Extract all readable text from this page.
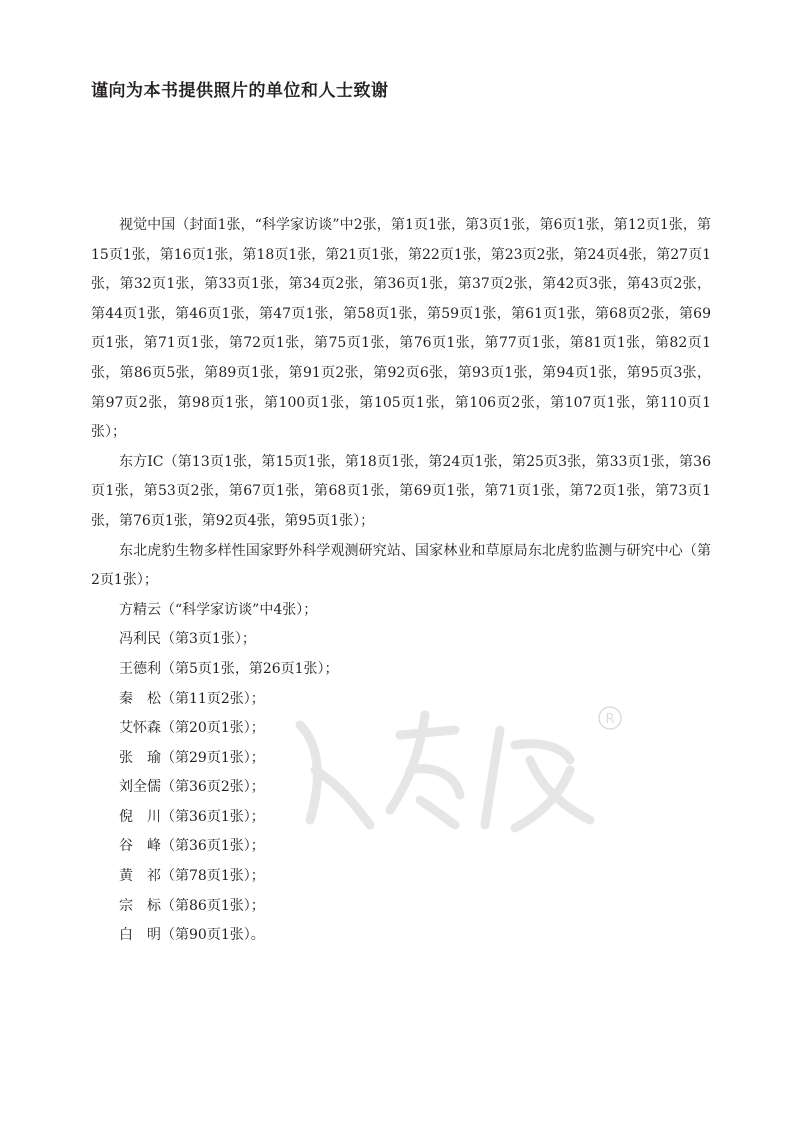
谨向为本书提供照片的单位和人士致谢

视觉中国（封面1张，“科学家访谈”中2张，第1页1张，第3页1张，第6页1张，第12页1张，第15页1张，第16页1张，第18页1张，第21页1张，第22页1张，第23页2张，第24页4张，第27页1张，第32页1张，第33页1张，第34页2张，第36页1张，第37页2张，第42页3张，第43页2张，第44页1张，第46页1张，第47页1张，第58页1张，第59页1张，第61页1张，第68页2张，第69页1张，第71页1张，第72页1张，第75页1张，第76页1张，第77页1张，第81页1张，第82页1张，第86页5张，第89页1张，第91页2张，第92页6张，第93页1张，第94页1张，第95页3张，第97页2张，第98页1张，第100页1张，第105页1张，第106页2张，第107页1张，第110页1张）；

东方IC（第13页1张，第15页1张，第18页1张，第24页1张，第25页3张，第33页1张，第36页1张，第53页2张，第67页1张，第68页1张，第69页1张，第71页1张，第72页1张，第73页1张，第76页1张，第92页4张，第95页1张）；

东北虎豹生物多样性国家野外科学观测研究站、国家林业和草原局东北虎豹监测与研究中心（第2页1张）；

方精云（“科学家访谈”中4张）；

冯利民（第3页1张）；

王德利（第5页1张，第26页1张）；

秦　松（第11页2张）；

艾怀森（第20页1张）；

张　瑜（第29页1张）；

刘全儒（第36页2张）；

倪　川（第36页1张）；

谷　峰（第36页1张）；

黄　祁（第78页1张）；

宗　标（第86页1张）；

白　明（第90页1张）。

R
